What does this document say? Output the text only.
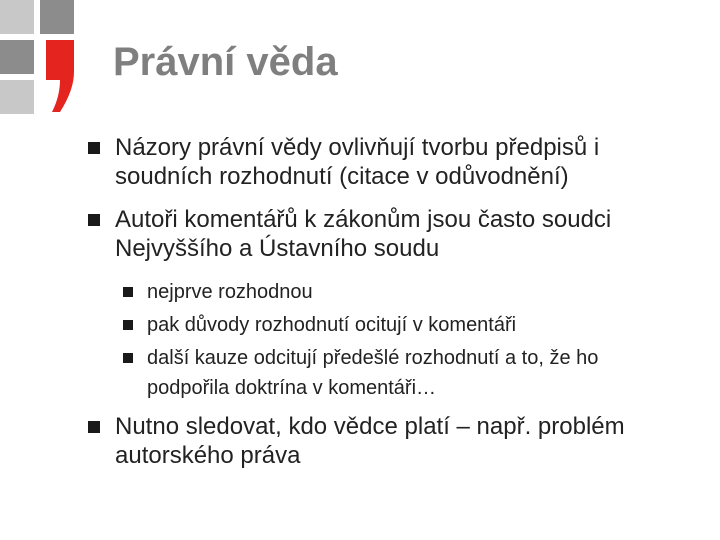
Právní věda
Názory právní vědy ovlivňují tvorbu předpisů i soudních rozhodnutí (citace v odůvodnění)
Autoři komentářů k zákonům jsou často soudci Nejvyššího a Ústavního soudu
nejprve rozhodnou
pak důvody rozhodnutí ocitují v komentáři
další kauze odcitují předešlé rozhodnutí a to, že ho podpořila doktrína v komentáři…
Nutno sledovat, kdo vědce platí – např. problém autorského práva
